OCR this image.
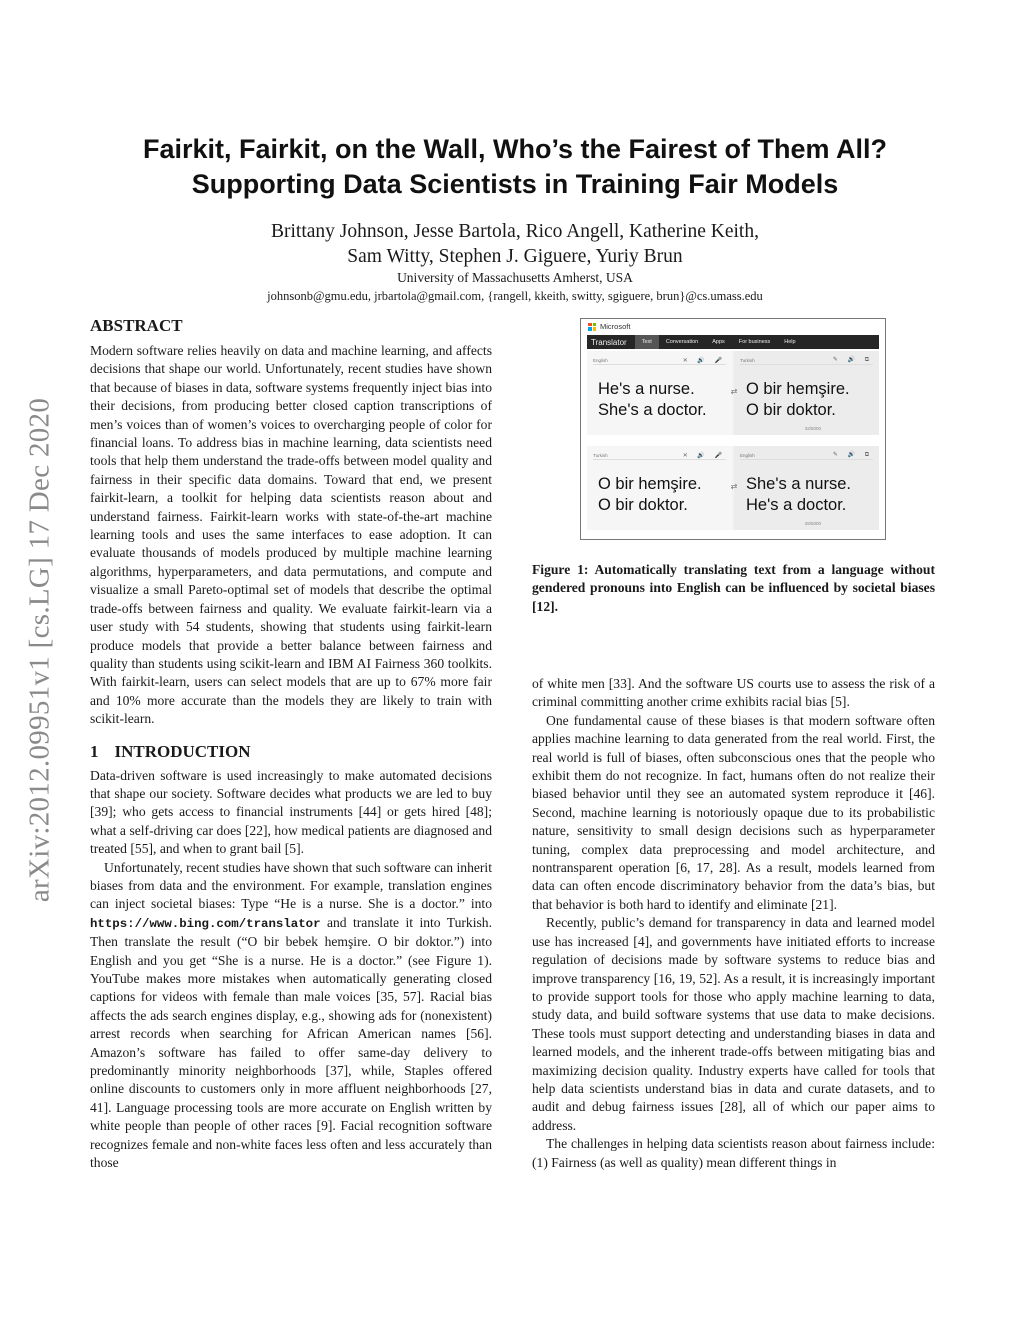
arXiv:2012.09951v1 [cs.LG] 17 Dec 2020
Fairkit, Fairkit, on the Wall, Who’s the Fairest of Them All?
Supporting Data Scientists in Training Fair Models
Brittany Johnson, Jesse Bartola, Rico Angell, Katherine Keith,
Sam Witty, Stephen J. Giguere, Yuriy Brun
University of Massachusetts Amherst, USA
johnsonb@gmu.edu, jrbartola@gmail.com, {rangell, kkeith, switty, sgiguere, brun}@cs.umass.edu
ABSTRACT

Modern software relies heavily on data and machine learning, and affects decisions that shape our world. Unfortunately, recent studies have shown that because of biases in data, software systems frequently inject bias into their decisions, from producing better closed caption transcriptions of men’s voices than of women’s voices to overcharging people of color for financial loans. To address bias in machine learning, data scientists need tools that help them understand the trade-offs between model quality and fairness in their specific data domains. Toward that end, we present fairkit-learn, a toolkit for helping data scientists reason about and understand fairness. Fairkit-learn works with state-of-the-art machine learning tools and uses the same interfaces to ease adoption. It can evaluate thousands of models produced by multiple machine learning algorithms, hyperparameters, and data permutations, and compute and visualize a small Pareto-optimal set of models that describe the optimal trade-offs between fairness and quality. We evaluate fairkit-learn via a user study with 54 students, showing that students using fairkit-learn produce models that provide a better balance between fairness and quality than students using scikit-learn and IBM AI Fairness 360 toolkits. With fairkit-learn, users can select models that are up to 67% more fair and 10% more accurate than the models they are likely to train with scikit-learn.

1 INTRODUCTION

Data-driven software is used increasingly to make automated decisions that shape our society. Software decides what products we are led to buy [39]; who gets access to financial instruments [44] or gets hired [48]; what a self-driving car does [22], how medical patients are diagnosed and treated [55], and when to grant bail [5].

Unfortunately, recent studies have shown that such software can inherit biases from data and the environment. For example, translation engines can inject societal biases: Type “He is a nurse. She is a doctor.” into https://www.bing.com/translator and translate it into Turkish. Then translate the result (“O bir bebek hemşire. O bir doktor.”) into English and you get “She is a nurse. He is a doctor.” (see Figure 1). YouTube makes more mistakes when automatically generating closed captions for videos with female than male voices [35, 57]. Racial bias affects the ads search engines display, e.g., showing ads for (nonexistent) arrest records when searching for African American names [56]. Amazon’s software has failed to offer same-day delivery to predominantly minority neighborhoods [37], while, Staples offered online discounts to customers only in more affluent neighborhoods [27, 41]. Language processing tools are more accurate on English written by white people than people of other races [9]. Facial recognition software recognizes female and non-white faces less often and less accurately than those

Microsoft
Translator	Text	Conversation	Apps	For business	Help
English	✕ 🔊 🎤
He's a nurse.
She's a doctor.
⇄
Turkish	✎ 🔊 ⧉
O bir hemşire.
O bir doktor.
32/5000
Turkish	✕ 🔊 🎤
O bir hemşire.
O bir doktor.
⇄
English	✎ 🔊 ⧉
She's a nurse.
He's a doctor.
28/5000
Figure 1: Automatically translating text from a language without gendered pronouns into English can be influenced by societal biases [12].

of white men [33]. And the software US courts use to assess the risk of a criminal committing another crime exhibits racial bias [5].

One fundamental cause of these biases is that modern software often applies machine learning to data generated from the real world. First, the real world is full of biases, often subconscious ones that the people who exhibit them do not recognize. In fact, humans often do not realize their biased behavior until they see an automated system reproduce it [46]. Second, machine learning is notoriously opaque due to its probabilistic nature, sensitivity to small design decisions such as hyperparameter tuning, complex data preprocessing and model architecture, and nontransparent operation [6, 17, 28]. As a result, models learned from data can often encode discriminatory behavior from the data’s bias, but that behavior is both hard to identify and eliminate [21].

Recently, public’s demand for transparency in data and learned model use has increased [4], and governments have initiated efforts to increase regulation of decisions made by software systems to reduce bias and improve transparency [16, 19, 52]. As a result, it is increasingly important to provide support tools for those who apply machine learning to data, study data, and build software systems that use data to make decisions. These tools must support detecting and understanding biases in data and learned models, and the inherent trade-offs between mitigating bias and maximizing decision quality. Industry experts have called for tools that help data scientists understand bias in data and curate datasets, and to audit and debug fairness issues [28], all of which our paper aims to address.

The challenges in helping data scientists reason about fairness include: (1) Fairness (as well as quality) mean different things in
